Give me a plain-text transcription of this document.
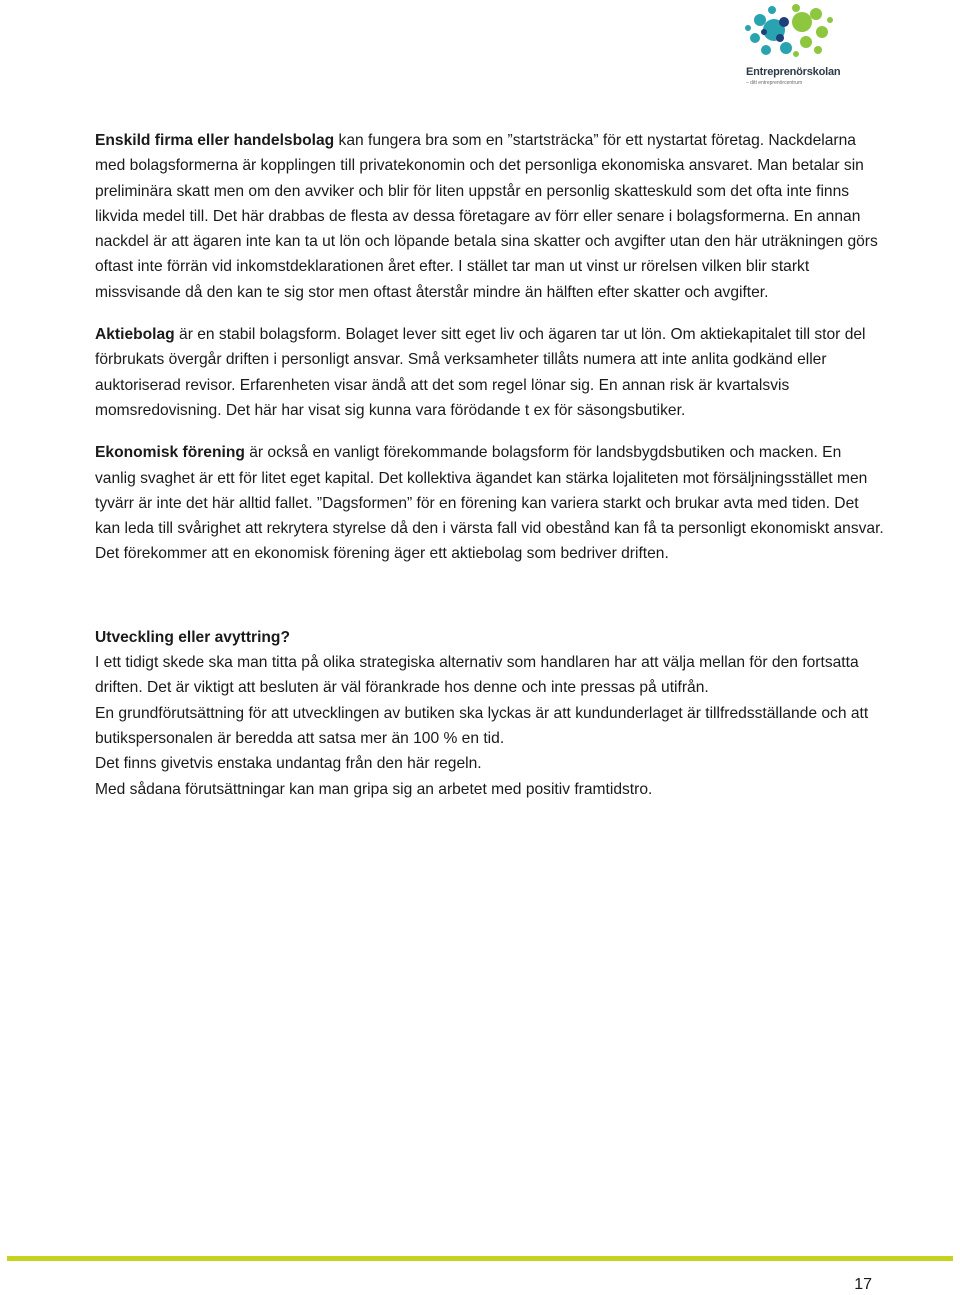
Entreprenörskolan
– ditt entreprenörcentrum

Enskild firma eller handelsbolag kan fungera bra som en ”startsträcka” för ett nystartat företag. Nackdelarna med bolagsformerna är kopplingen till privatekonomin och det personliga ekonomiska ansvaret. Man betalar sin preliminära skatt men om den avviker och blir för liten uppstår en personlig skatteskuld som det ofta inte finns likvida medel till. Det här drabbas de flesta av dessa företagare av förr eller senare i bolagsformerna. En annan nackdel är att ägaren inte kan ta ut lön och löpande betala sina skatter och avgifter utan den här uträkningen görs oftast inte förrän vid inkomstdeklarationen året efter. I stället tar man ut vinst ur rörelsen vilken blir starkt missvisande då den kan te sig stor men oftast återstår mindre än hälften efter skatter och avgifter.

Aktiebolag är en stabil bolagsform. Bolaget lever sitt eget liv och ägaren tar ut lön. Om aktiekapitalet till stor del förbrukats övergår driften i personligt ansvar. Små verksamheter tillåts numera att inte anlita godkänd eller auktoriserad revisor. Erfarenheten visar ändå att det som regel lönar sig. En annan risk är kvartalsvis momsredovisning. Det här har visat sig kunna vara förödande t ex för säsongsbutiker.

Ekonomisk förening är också en vanligt förekommande bolagsform för landsbygdsbutiken och macken. En vanlig svaghet är ett för litet eget kapital. Det kollektiva ägandet kan stärka lojaliteten mot försäljningsstället men tyvärr är inte det här alltid fallet. ”Dagsformen” för en förening kan variera starkt och brukar avta med tiden. Det kan leda till svårighet att rekrytera styrelse då den i värsta fall vid obestånd kan få ta personligt ekonomiskt ansvar.

Det förekommer att en ekonomisk förening äger ett aktiebolag som bedriver driften.

Utveckling eller avyttring?

I ett tidigt skede ska man titta på olika strategiska alternativ som handlaren har att välja mellan för den fortsatta driften. Det är viktigt att besluten är väl förankrade hos denne och inte pressas på utifrån.

En grundförutsättning för att utvecklingen av butiken ska lyckas är att kundunderlaget är tillfredsställande och att butikspersonalen är beredda att satsa mer än 100 % en tid.

Det finns givetvis enstaka undantag från den här regeln.

Med sådana förutsättningar kan man gripa sig an arbetet med positiv framtidstro.

17
